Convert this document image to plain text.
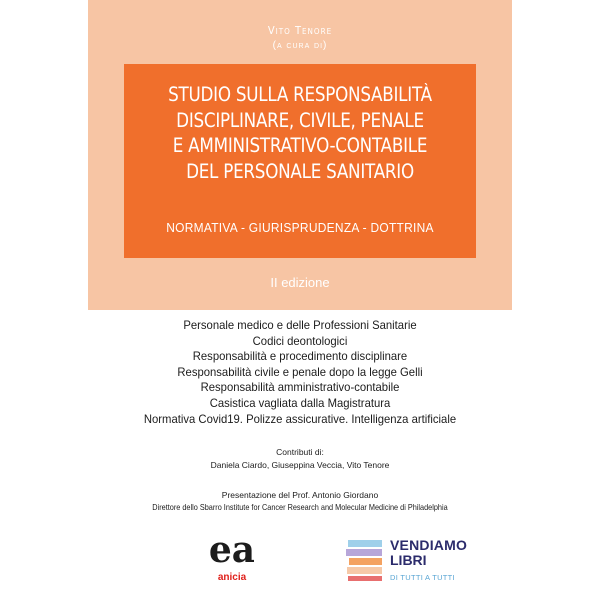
Vito Tenore
(a cura di)
STUDIO SULLA RESPONSABILITÀ
DISCIPLINARE, CIVILE, PENALE
E AMMINISTRATIVO-CONTABILE
DEL PERSONALE SANITARIO
NORMATIVA - GIURISPRUDENZA - DOTTRINA
II edizione
Personale medico e delle Professioni Sanitarie
Codici deontologici
Responsabilità e procedimento disciplinare
Responsabilità civile e penale dopo la legge Gelli
Responsabilità amministrativo-contabile
Casistica vagliata dalla Magistratura
Normativa Covid19. Polizze assicurative. Intelligenza artificiale
Contributi di:
Daniela Ciardo, Giuseppina Veccia, Vito Tenore
Presentazione del Prof. Antonio Giordano
Direttore dello Sbarro Institute for Cancer Research and Molecular Medicine di Philadelphia
ea
anicia
VENDIAMO
LIBRI
DI TUTTI A TUTTI
